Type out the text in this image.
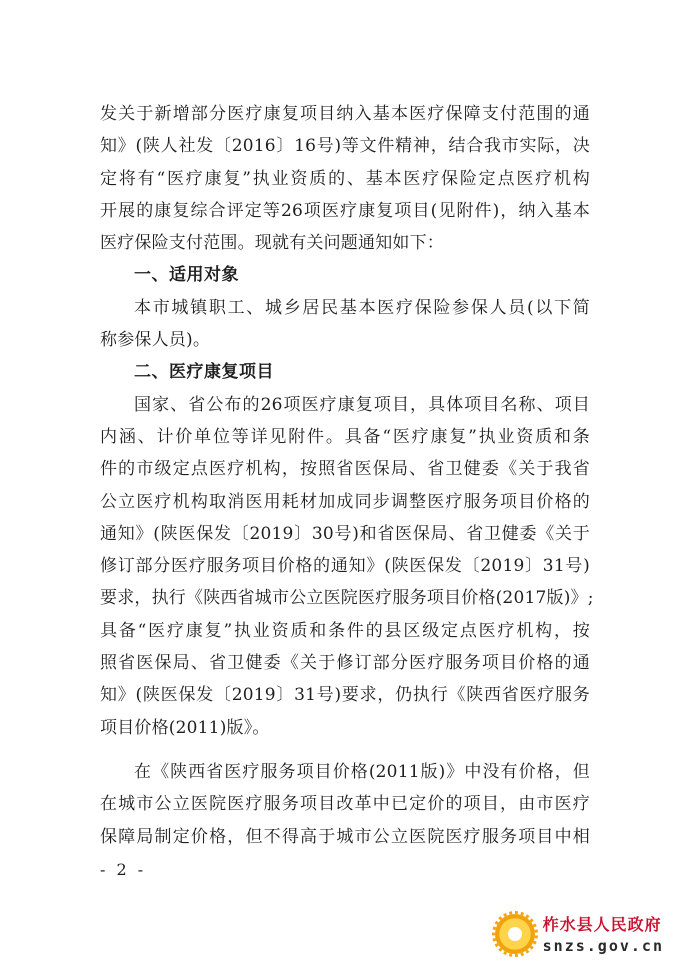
发关于新增部分医疗康复项目纳入基本医疗保障支付范围的通
知》(陕人社发〔2016〕16号)等文件精神，结合我市实际，决
定将有“医疗康复”执业资质的、基本医疗保险定点医疗机构
开展的康复综合评定等26项医疗康复项目(见附件)，纳入基本
医疗保险支付范围。现就有关问题通知如下：
一、适用对象
本市城镇职工、城乡居民基本医疗保险参保人员(以下简
称参保人员)。
二、医疗康复项目
国家、省公布的26项医疗康复项目，具体项目名称、项目
内涵、计价单位等详见附件。具备“医疗康复”执业资质和条
件的市级定点医疗机构，按照省医保局、省卫健委《关于我省
公立医疗机构取消医用耗材加成同步调整医疗服务项目价格的
通知》(陕医保发〔2019〕30号)和省医保局、省卫健委《关于
修订部分医疗服务项目价格的通知》(陕医保发〔2019〕31号)
要求，执行《陕西省城市公立医院医疗服务项目价格(2017版)》;
具备“医疗康复”执业资质和条件的县区级定点医疗机构，按
照省医保局、省卫健委《关于修订部分医疗服务项目价格的通
知》(陕医保发〔2019〕31号)要求，仍执行《陕西省医疗服务
项目价格(2011)版》。
在《陕西省医疗服务项目价格(2011版)》中没有价格，但
在城市公立医院医疗服务项目改革中已定价的项目，由市医疗
保障局制定价格，但不得高于城市公立医院医疗服务项目中相
- 2 -
柞水县人民政府
snzs.gov.cn
